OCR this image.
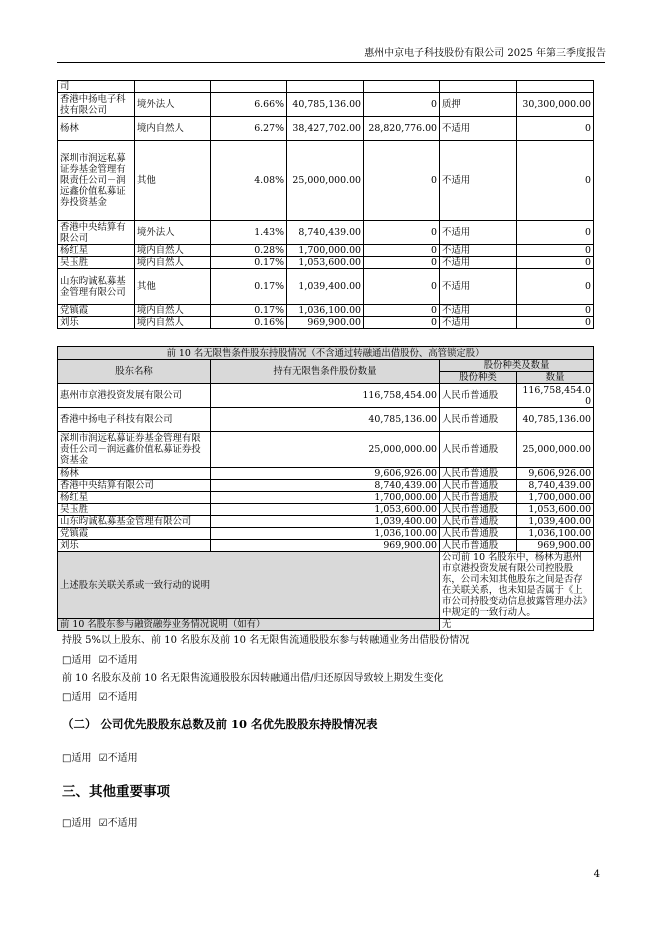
惠州中京电子科技股份有限公司 2025 年第三季度报告
司						
香港中扬电子科技有限公司	境外法人	6.66%	40,785,136.00	0	质押	30,300,000.00
杨林	境内自然人	6.27%	38,427,702.00	28,820,776.00	不适用	0
深圳市润远私募证券基金管理有限责任公司－润远鑫价值私募证券投资基金	其他	4.08%	25,000,000.00	0	不适用	0
香港中央结算有限公司	境外法人	1.43%	8,740,439.00	0	不适用	0
杨红星	境内自然人	0.28%	1,700,000.00	0	不适用	0
吴玉胜	境内自然人	0.17%	1,053,600.00	0	不适用	0
山东昀诚私募基金管理有限公司	其他	0.17%	1,039,400.00	0	不适用	0
党镇霞	境内自然人	0.17%	1,036,100.00	0	不适用	0
刘乐	境内自然人	0.16%	969,900.00	0	不适用	0
前 10 名无限售条件股东持股情况（不含通过转融通出借股份、高管锁定股）			
股东名称	持有无限售条件股份数量	股份种类及数量	
		股份种类	数量
惠州市京港投资发展有限公司	116,758,454.00	人民币普通股	116,758,454.00
香港中扬电子科技有限公司	40,785,136.00	人民币普通股	40,785,136.00
深圳市润远私募证券基金管理有限责任公司－润远鑫价值私募证券投资基金	25,000,000.00	人民币普通股	25,000,000.00
杨林	9,606,926.00	人民币普通股	9,606,926.00
香港中央结算有限公司	8,740,439.00	人民币普通股	8,740,439.00
杨红星	1,700,000.00	人民币普通股	1,700,000.00
吴玉胜	1,053,600.00	人民币普通股	1,053,600.00
山东昀诚私募基金管理有限公司	1,039,400.00	人民币普通股	1,039,400.00
党镇霞	1,036,100.00	人民币普通股	1,036,100.00
刘乐	969,900.00	人民币普通股	969,900.00
上述股东关联关系或一致行动的说明		公司前 10 名股东中，杨林为惠州市京港投资发展有限公司控股股东，公司未知其他股东之间是否存在关联关系，也未知是否属于《上市公司持股变动信息披露管理办法》中规定的一致行动人。	
前 10 名股东参与融资融券业务情况说明（如有）		无	
持股 5%以上股东、前 10 名股东及前 10 名无限售流通股股东参与转融通业务出借股份情况
□适用 ☑不适用
前 10 名股东及前 10 名无限售流通股股东因转融通出借/归还原因导致较上期发生变化
□适用 ☑不适用
（二） 公司优先股股东总数及前 10 名优先股股东持股情况表
□适用 ☑不适用
三、其他重要事项
□适用 ☑不适用
4
